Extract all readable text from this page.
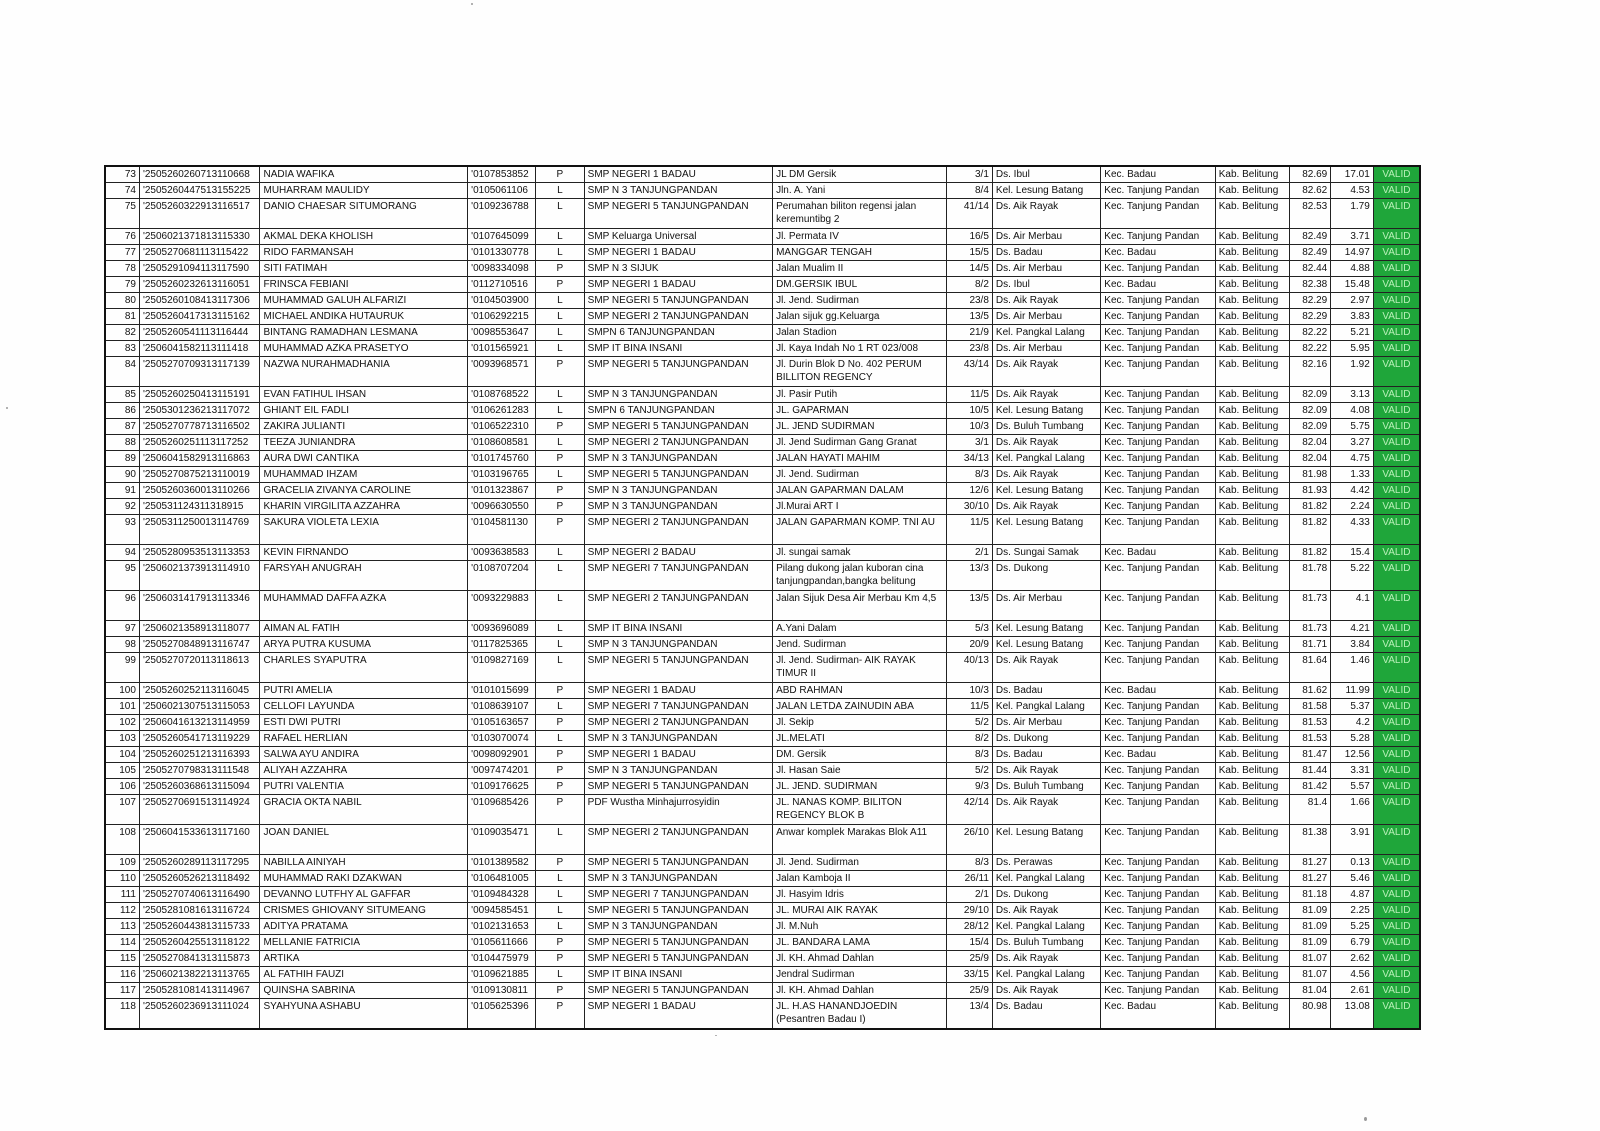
73	'2505260260713110668	NADIA WAFIKA	'0107853852	P	SMP NEGERI 1 BADAU	JL DM Gersik	3/1	Ds. Ibul	Kec. Badau	Kab. Belitung	82.69	17.01	VALID
74	'2505260447513155225	MUHARRAM MAULIDY	'0105061106	L	SMP N 3 TANJUNGPANDAN	Jln. A. Yani	8/4	Kel. Lesung Batang	Kec. Tanjung Pandan	Kab. Belitung	82.62	4.53	VALID
75	'2505260322913116517	DANIO CHAESAR SITUMORANG	'0109236788	L	SMP NEGERI 5 TANJUNGPANDAN	Perumahan biliton regensi jalan keremuntibg 2	41/14	Ds. Aik Rayak	Kec. Tanjung Pandan	Kab. Belitung	82.53	1.79	VALID
76	'2506021371813115330	AKMAL DEKA KHOLISH	'0107645099	L	SMP Keluarga Universal	Jl. Permata IV	16/5	Ds. Air Merbau	Kec. Tanjung Pandan	Kab. Belitung	82.49	3.71	VALID
77	'2505270681113115422	RIDO FARMANSAH	'0101330778	L	SMP NEGERI 1 BADAU	MANGGAR TENGAH	15/5	Ds. Badau	Kec. Badau	Kab. Belitung	82.49	14.97	VALID
78	'2505291094113117590	SITI FATIMAH	'0098334098	P	SMP N 3 SIJUK	Jalan Mualim II	14/5	Ds. Air Merbau	Kec. Tanjung Pandan	Kab. Belitung	82.44	4.88	VALID
79	'2505260232613116051	FRINSCA FEBIANI	'0112710516	P	SMP NEGERI 1 BADAU	DM.GERSIK IBUL	8/2	Ds. Ibul	Kec. Badau	Kab. Belitung	82.38	15.48	VALID
80	'2505260108413117306	MUHAMMAD GALUH ALFARIZI	'0104503900	L	SMP NEGERI 5 TANJUNGPANDAN	Jl. Jend. Sudirman	23/8	Ds. Aik Rayak	Kec. Tanjung Pandan	Kab. Belitung	82.29	2.97	VALID
81	'2505260417313115162	MICHAEL ANDIKA HUTAURUK	'0106292215	L	SMP NEGERI 2 TANJUNGPANDAN	Jalan sijuk gg.Keluarga	13/5	Ds. Air Merbau	Kec. Tanjung Pandan	Kab. Belitung	82.29	3.83	VALID
82	'2505260541113116444	BINTANG RAMADHAN LESMANA	'0098553647	L	SMPN 6 TANJUNGPANDAN	Jalan Stadion	21/9	Kel. Pangkal Lalang	Kec. Tanjung Pandan	Kab. Belitung	82.22	5.21	VALID
83	'2506041582113111418	MUHAMMAD AZKA PRASETYO	'0101565921	L	SMP IT BINA INSANI	Jl. Kaya Indah No 1 RT 023/008	23/8	Ds. Air Merbau	Kec. Tanjung Pandan	Kab. Belitung	82.22	5.95	VALID
84	'2505270709313117139	NAZWA NURAHMADHANIA	'0093968571	P	SMP NEGERI 5 TANJUNGPANDAN	Jl. Durin Blok D No. 402 PERUM BILLITON REGENCY	43/14	Ds. Aik Rayak	Kec. Tanjung Pandan	Kab. Belitung	82.16	1.92	VALID
85	'2505260250413115191	EVAN FATIHUL IHSAN	'0108768522	L	SMP N 3 TANJUNGPANDAN	Jl. Pasir Putih	11/5	Ds. Aik Rayak	Kec. Tanjung Pandan	Kab. Belitung	82.09	3.13	VALID
86	'2505301236213117072	GHIANT EIL FADLI	'0106261283	L	SMPN 6 TANJUNGPANDAN	JL. GAPARMAN	10/5	Kel. Lesung Batang	Kec. Tanjung Pandan	Kab. Belitung	82.09	4.08	VALID
87	'2505270778713116502	ZAKIRA JULIANTI	'0106522310	P	SMP NEGERI 5 TANJUNGPANDAN	JL. JEND SUDIRMAN	10/3	Ds. Buluh Tumbang	Kec. Tanjung Pandan	Kab. Belitung	82.09	5.75	VALID
88	'2505260251113117252	TEEZA JUNIANDRA	'0108608581	L	SMP NEGERI 2 TANJUNGPANDAN	Jl. Jend Sudirman Gang Granat	3/1	Ds. Aik Rayak	Kec. Tanjung Pandan	Kab. Belitung	82.04	3.27	VALID
89	'2506041582913116863	AURA DWI CANTIKA	'0101745760	P	SMP N 3 TANJUNGPANDAN	JALAN HAYATI MAHIM	34/13	Kel. Pangkal Lalang	Kec. Tanjung Pandan	Kab. Belitung	82.04	4.75	VALID
90	'2505270875213110019	MUHAMMAD IHZAM	'0103196765	L	SMP NEGERI 5 TANJUNGPANDAN	Jl. Jend. Sudirman	8/3	Ds. Aik Rayak	Kec. Tanjung Pandan	Kab. Belitung	81.98	1.33	VALID
91	'2505260360013110266	GRACELIA ZIVANYA CAROLINE	'0101323867	P	SMP N 3 TANJUNGPANDAN	JALAN GAPARMAN DALAM	12/6	Kel. Lesung Batang	Kec. Tanjung Pandan	Kab. Belitung	81.93	4.42	VALID
92	'250531124311318915	KHARIN VIRGILITA AZZAHRA	'0096630550	P	SMP N 3 TANJUNGPANDAN	Jl.Murai ART I	30/10	Ds. Aik Rayak	Kec. Tanjung Pandan	Kab. Belitung	81.82	2.24	VALID
93	'2505311250013114769	SAKURA VIOLETA LEXIA	'0104581130	P	SMP NEGERI 2 TANJUNGPANDAN	JALAN GAPARMAN KOMP. TNI AU	11/5	Kel. Lesung Batang	Kec. Tanjung Pandan	Kab. Belitung	81.82	4.33	VALID
94	'2505280953513113353	KEVIN FIRNANDO	'0093638583	L	SMP NEGERI 2 BADAU	Jl. sungai samak	2/1	Ds. Sungai Samak	Kec. Badau	Kab. Belitung	81.82	15.4	VALID
95	'2506021373913114910	FARSYAH ANUGRAH	'0108707204	L	SMP NEGERI 7 TANJUNGPANDAN	Pilang dukong jalan kuboran cina tanjungpandan,bangka belitung	13/3	Ds. Dukong	Kec. Tanjung Pandan	Kab. Belitung	81.78	5.22	VALID
96	'2506031417913113346	MUHAMMAD DAFFA AZKA	'0093229883	L	SMP NEGERI 2 TANJUNGPANDAN	Jalan Sijuk Desa Air Merbau Km 4,5	13/5	Ds. Air Merbau	Kec. Tanjung Pandan	Kab. Belitung	81.73	4.1	VALID
97	'2506021358913118077	AIMAN AL FATIH	'0093696089	L	SMP IT BINA INSANI	A.Yani Dalam	5/3	Kel. Lesung Batang	Kec. Tanjung Pandan	Kab. Belitung	81.73	4.21	VALID
98	'2505270848913116747	ARYA PUTRA KUSUMA	'0117825365	L	SMP N 3 TANJUNGPANDAN	Jend. Sudirman	20/9	Kel. Lesung Batang	Kec. Tanjung Pandan	Kab. Belitung	81.71	3.84	VALID
99	'2505270720113118613	CHARLES SYAPUTRA	'0109827169	L	SMP NEGERI 5 TANJUNGPANDAN	Jl. Jend. Sudirman- AIK RAYAK TIMUR II	40/13	Ds. Aik Rayak	Kec. Tanjung Pandan	Kab. Belitung	81.64	1.46	VALID
100	'2505260252113116045	PUTRI AMELIA	'0101015699	P	SMP NEGERI 1 BADAU	ABD RAHMAN	10/3	Ds. Badau	Kec. Badau	Kab. Belitung	81.62	11.99	VALID
101	'2506021307513115053	CELLOFI LAYUNDA	'0108639107	L	SMP NEGERI 7 TANJUNGPANDAN	JALAN LETDA ZAINUDIN ABA	11/5	Kel. Pangkal Lalang	Kec. Tanjung Pandan	Kab. Belitung	81.58	5.37	VALID
102	'2506041613213114959	ESTI DWI PUTRI	'0105163657	P	SMP NEGERI 2 TANJUNGPANDAN	Jl. Sekip	5/2	Ds. Air Merbau	Kec. Tanjung Pandan	Kab. Belitung	81.53	4.2	VALID
103	'2505260541713119229	RAFAEL HERLIAN	'0103070074	L	SMP N 3 TANJUNGPANDAN	JL.MELATI	8/2	Ds. Dukong	Kec. Tanjung Pandan	Kab. Belitung	81.53	5.28	VALID
104	'2505260251213116393	SALWA AYU ANDIRA	'0098092901	P	SMP NEGERI 1 BADAU	DM. Gersik	8/3	Ds. Badau	Kec. Badau	Kab. Belitung	81.47	12.56	VALID
105	'2505270798313111548	ALIYAH AZZAHRA	'0097474201	P	SMP N 3 TANJUNGPANDAN	Jl. Hasan Saie	5/2	Ds. Aik Rayak	Kec. Tanjung Pandan	Kab. Belitung	81.44	3.31	VALID
106	'2505260368613115094	PUTRI VALENTIA	'0109176625	P	SMP NEGERI 5 TANJUNGPANDAN	JL. JEND. SUDIRMAN	9/3	Ds. Buluh Tumbang	Kec. Tanjung Pandan	Kab. Belitung	81.42	5.57	VALID
107	'2505270691513114924	GRACIA OKTA NABIL	'0109685426	P	PDF Wustha Minhajurrosyidin	JL. NANAS KOMP. BILITON REGENCY BLOK B	42/14	Ds. Aik Rayak	Kec. Tanjung Pandan	Kab. Belitung	81.4	1.66	VALID
108	'2506041533613117160	JOAN DANIEL	'0109035471	L	SMP NEGERI 2 TANJUNGPANDAN	Anwar komplek Marakas Blok A11	26/10	Kel. Lesung Batang	Kec. Tanjung Pandan	Kab. Belitung	81.38	3.91	VALID
109	'2505260289113117295	NABILLA AINIYAH	'0101389582	P	SMP NEGERI 5 TANJUNGPANDAN	Jl. Jend. Sudirman	8/3	Ds. Perawas	Kec. Tanjung Pandan	Kab. Belitung	81.27	0.13	VALID
110	'2505260526213118492	MUHAMMAD RAKI DZAKWAN	'0106481005	L	SMP N 3 TANJUNGPANDAN	Jalan Kamboja II	26/11	Kel. Pangkal Lalang	Kec. Tanjung Pandan	Kab. Belitung	81.27	5.46	VALID
111	'2505270740613116490	DEVANNO LUTFHY AL GAFFAR	'0109484328	L	SMP NEGERI 7 TANJUNGPANDAN	Jl. Hasyim Idris	2/1	Ds. Dukong	Kec. Tanjung Pandan	Kab. Belitung	81.18	4.87	VALID
112	'2505281081613116724	CRISMES GHIOVANY SITUMEANG	'0094585451	L	SMP NEGERI 5 TANJUNGPANDAN	JL. MURAI AIK RAYAK	29/10	Ds. Aik Rayak	Kec. Tanjung Pandan	Kab. Belitung	81.09	2.25	VALID
113	'2505260443813115733	ADITYA PRATAMA	'0102131653	L	SMP N 3 TANJUNGPANDAN	Jl. M.Nuh	28/12	Kel. Pangkal Lalang	Kec. Tanjung Pandan	Kab. Belitung	81.09	5.25	VALID
114	'2505260425513118122	MELLANIE FATRICIA	'0105611666	P	SMP NEGERI 5 TANJUNGPANDAN	JL. BANDARA LAMA	15/4	Ds. Buluh Tumbang	Kec. Tanjung Pandan	Kab. Belitung	81.09	6.79	VALID
115	'2505270841313115873	ARTIKA	'0104475979	P	SMP NEGERI 5 TANJUNGPANDAN	Jl. KH. Ahmad Dahlan	25/9	Ds. Aik Rayak	Kec. Tanjung Pandan	Kab. Belitung	81.07	2.62	VALID
116	'2506021382213113765	AL FATHIH FAUZI	'0109621885	L	SMP IT BINA INSANI	Jendral Sudirman	33/15	Kel. Pangkal Lalang	Kec. Tanjung Pandan	Kab. Belitung	81.07	4.56	VALID
117	'2505281081413114967	QUINSHA SABRINA	'0109130811	P	SMP NEGERI 5 TANJUNGPANDAN	Jl. KH. Ahmad Dahlan	25/9	Ds. Aik Rayak	Kec. Tanjung Pandan	Kab. Belitung	81.04	2.61	VALID
118	'2505260236913111024	SYAHYUNA ASHABU	'0105625396	P	SMP NEGERI 1 BADAU	JL. H.AS HANANDJOEDIN (Pesantren Badau I)	13/4	Ds. Badau	Kec. Badau	Kab. Belitung	80.98	13.08	VALID
